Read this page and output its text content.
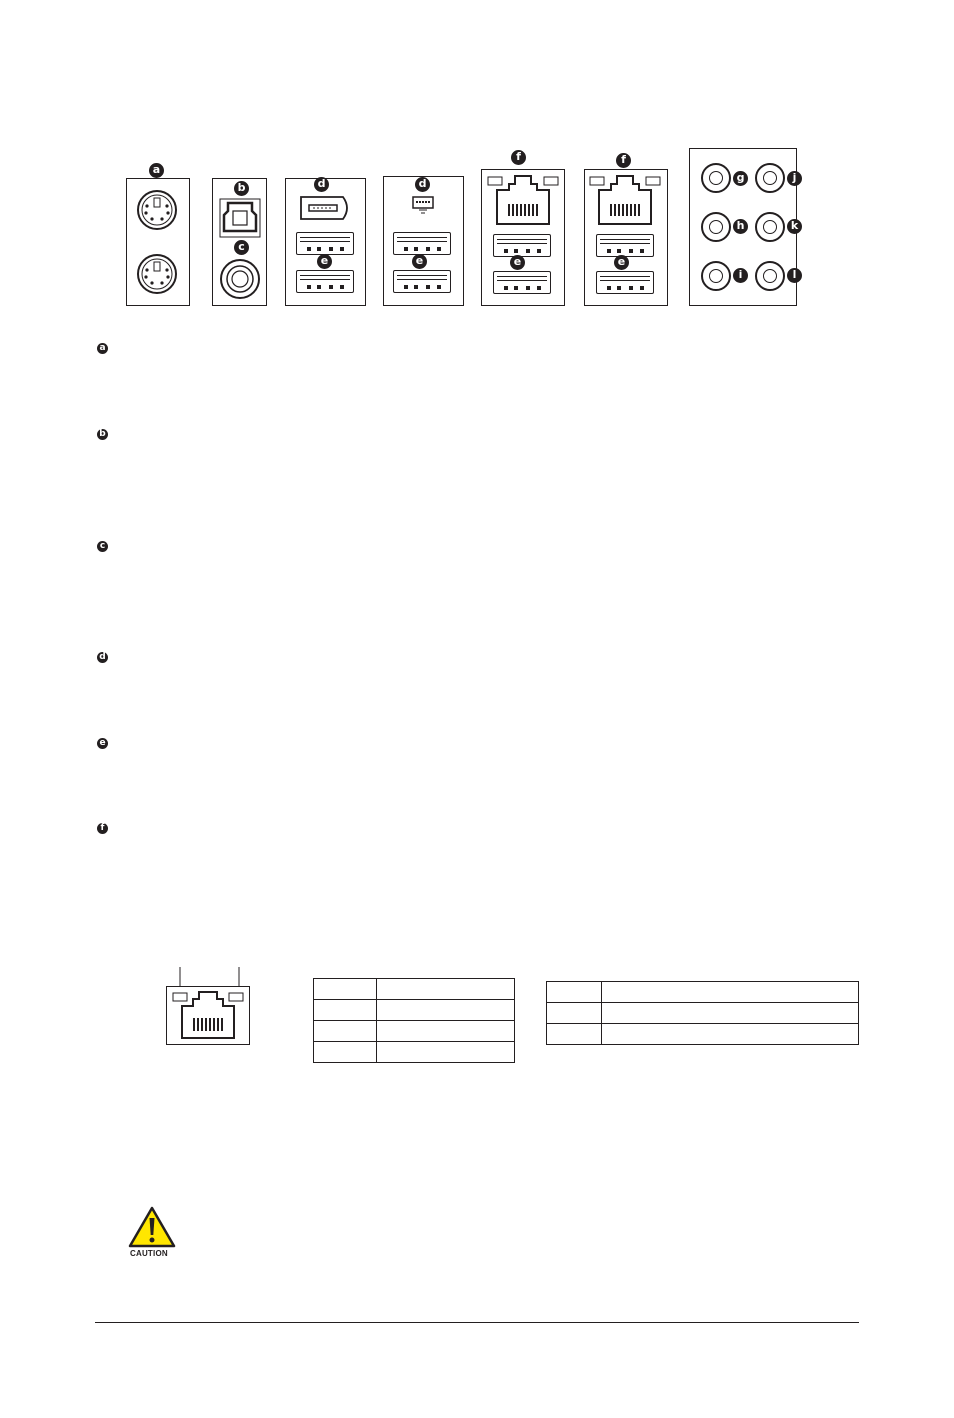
a
b
c
d
e
d
e
f
e
f
e
g	j
h	k
i	l
a
b
c
d
e
f

CAUTION
